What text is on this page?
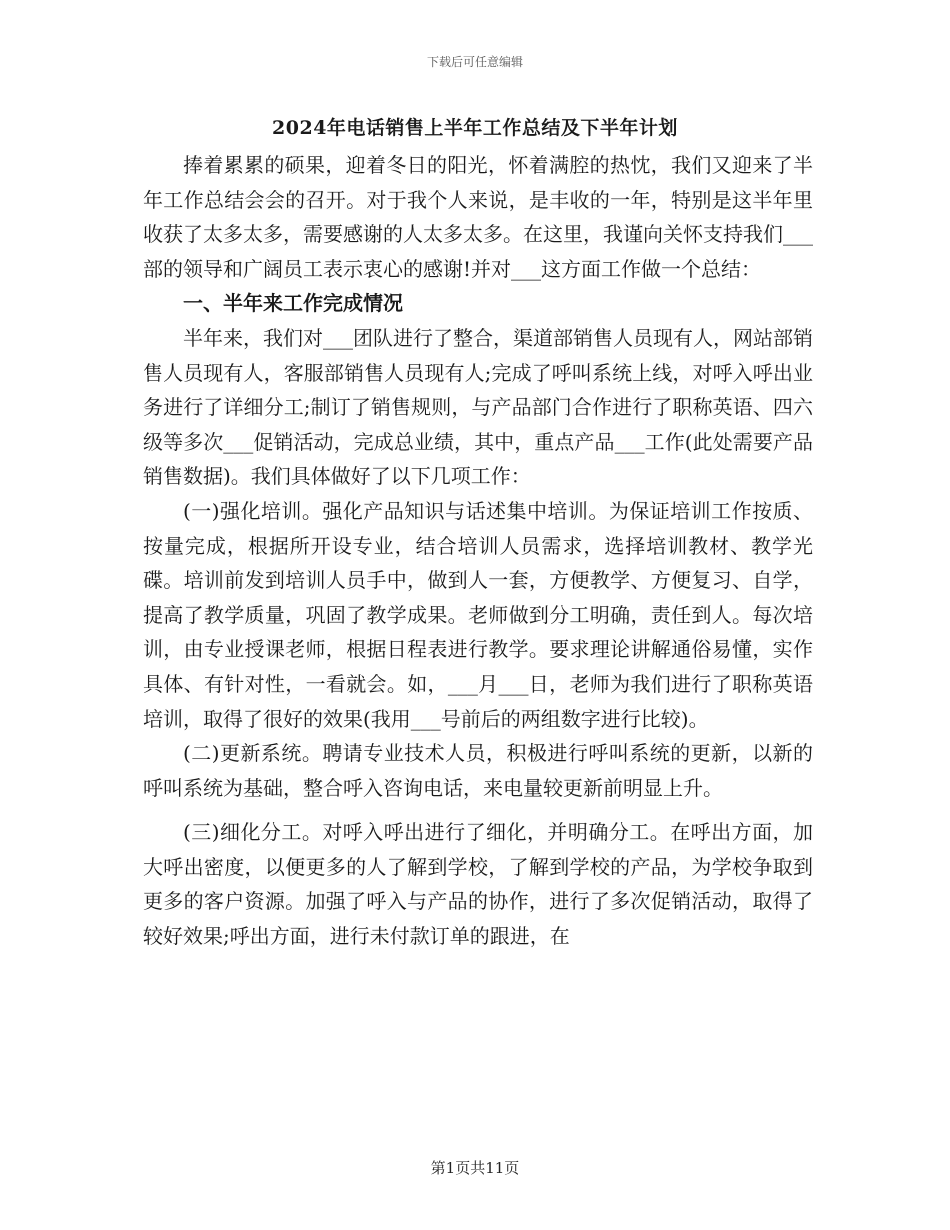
下载后可任意编辑
2024年电话销售上半年工作总结及下半年计划

捧着累累的硕果，迎着冬日的阳光，怀着满腔的热忱，我们又迎来了半年工作总结会会的召开。对于我个人来说，是丰收的一年，特别是这半年里收获了太多太多，需要感谢的人太多太多。在这里，我谨向关怀支持我们___部的领导和广阔员工表示衷心的感谢!并对___这方面工作做一个总结：

一、半年来工作完成情况

半年来，我们对___团队进行了整合，渠道部销售人员现有人，网站部销售人员现有人，客服部销售人员现有人;完成了呼叫系统上线，对呼入呼出业务进行了详细分工;制订了销售规则，与产品部门合作进行了职称英语、四六级等多次___促销活动，完成总业绩，其中，重点产品___工作(此处需要产品销售数据)。我们具体做好了以下几项工作：

(一)强化培训。强化产品知识与话述集中培训。为保证培训工作按质、按量完成，根据所开设专业，结合培训人员需求，选择培训教材、教学光碟。培训前发到培训人员手中，做到人一套，方便教学、方便复习、自学，提高了教学质量，巩固了教学成果。老师做到分工明确，责任到人。每次培训，由专业授课老师，根据日程表进行教学。要求理论讲解通俗易懂，实作具体、有针对性，一看就会。如，___月___日，老师为我们进行了职称英语培训，取得了很好的效果(我用___号前后的两组数字进行比较)。

(二)更新系统。聘请专业技术人员，积极进行呼叫系统的更新，以新的呼叫系统为基础，整合呼入咨询电话，来电量较更新前明显上升。

(三)细化分工。对呼入呼出进行了细化，并明确分工。在呼出方面，加大呼出密度，以便更多的人了解到学校，了解到学校的产品，为学校争取到更多的客户资源。加强了呼入与产品的协作，进行了多次促销活动，取得了较好效果;呼出方面，进行未付款订单的跟进，在

第1页共11页
